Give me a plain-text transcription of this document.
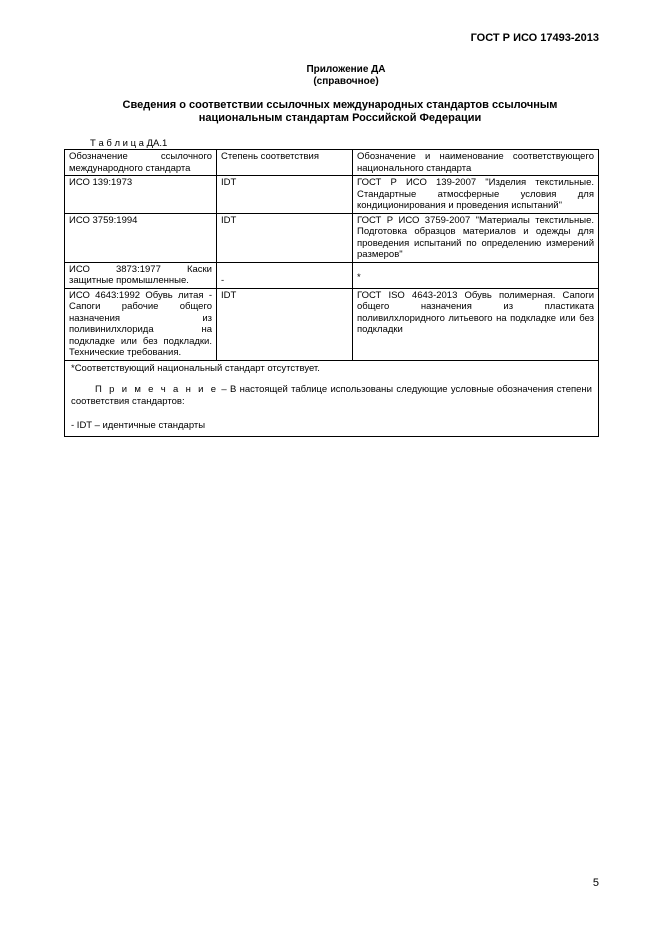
ГОСТ Р ИСО 17493-2013
Приложение ДА
(справочное)
Сведения о соответствии ссылочных международных стандартов ссылочным национальным стандартам Российской Федерации
Т а б л и ц а ДА.1
Обозначение ссылочного международного стандарта	Степень соответствия	Обозначение и наименование соответствующего национального стандарта
ИСО 139:1973	IDT	ГОСТ Р ИСО 139-2007 "Изделия текстильные. Стандартные атмосферные условия для кондиционирования и проведения испытаний"
ИСО 3759:1994	IDT	ГОСТ Р ИСО 3759-2007 "Материалы текстильные. Подготовка образцов материалов и одежды для проведения испытаний по определению измерений размеров"
ИСО 3873:1977 Каски защитные промышленные.	-	*
ИСО 4643:1992 Обувь литая - Сапоги рабочие общего назначения из поливинилхлорида на подкладке или без подкладки. Технические требования.	IDT	ГОСТ ISO 4643-2013 Обувь полимерная. Сапоги общего назначения из пластиката поливилхлоридного литьевого на подкладке или без подкладки

*Соответствующий национальный стандарт отсутствует.

П р и м е ч а н и е – В настоящей таблице использованы следующие условные обозначения степени соответствия стандартов:

- IDT – идентичные стандарты		

5
